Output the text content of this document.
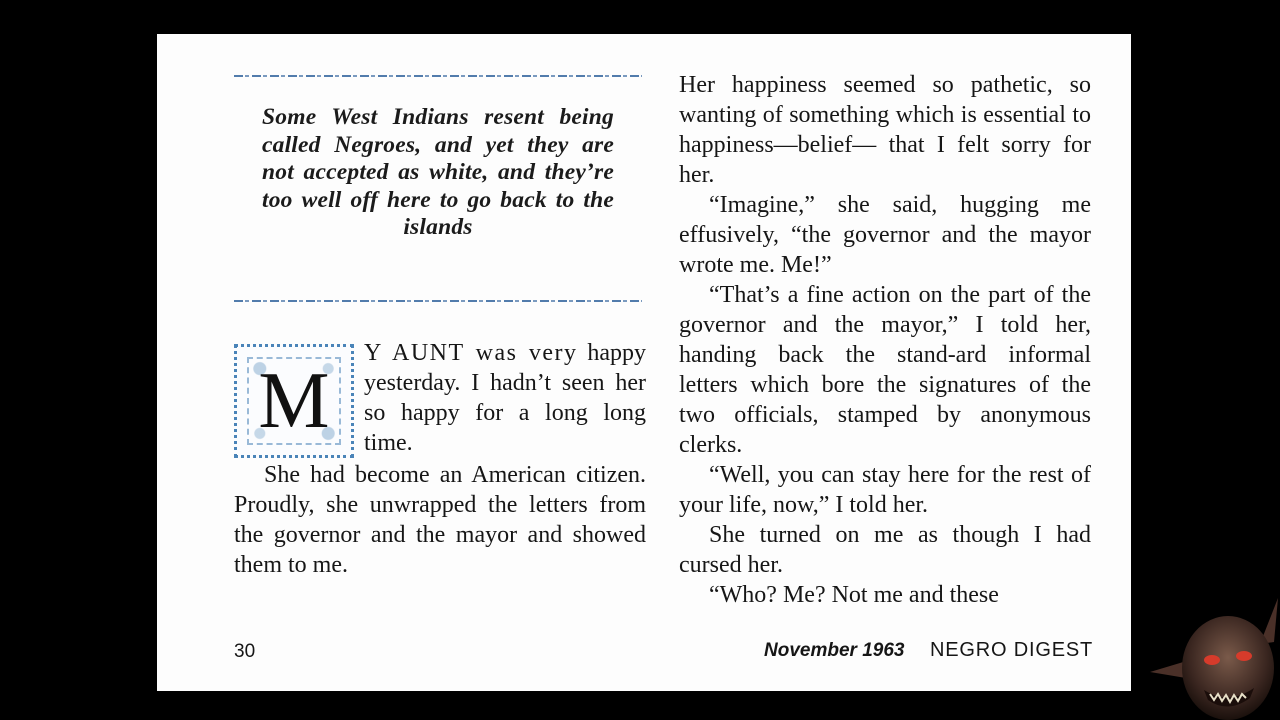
Some West Indians resent being called Negroes, and yet they are not accepted as white, and they’re too well off here to go back to the islands
M

Y AUNT was very happy yesterday. I hadn’t seen her so happy for a long long time.

She had become an American citizen. Proudly, she unwrapped the letters from the governor and the mayor and showed them to me.

Her happiness seemed so pathetic, so wanting of something which is essential to happiness—belief— that I felt sorry for her.

“Imagine,” she said, hugging me effusively, “the governor and the mayor wrote me. Me!”

“That’s a fine action on the part of the governor and the mayor,” I told her, handing back the stand-ard informal letters which bore the signatures of the two officials, stamped by anonymous clerks.

“Well, you can stay here for the rest of your life, now,” I told her.

She turned on me as though I had cursed her.

“Who? Me? Not me and these

30	November 1963 NEGRO DIGEST
